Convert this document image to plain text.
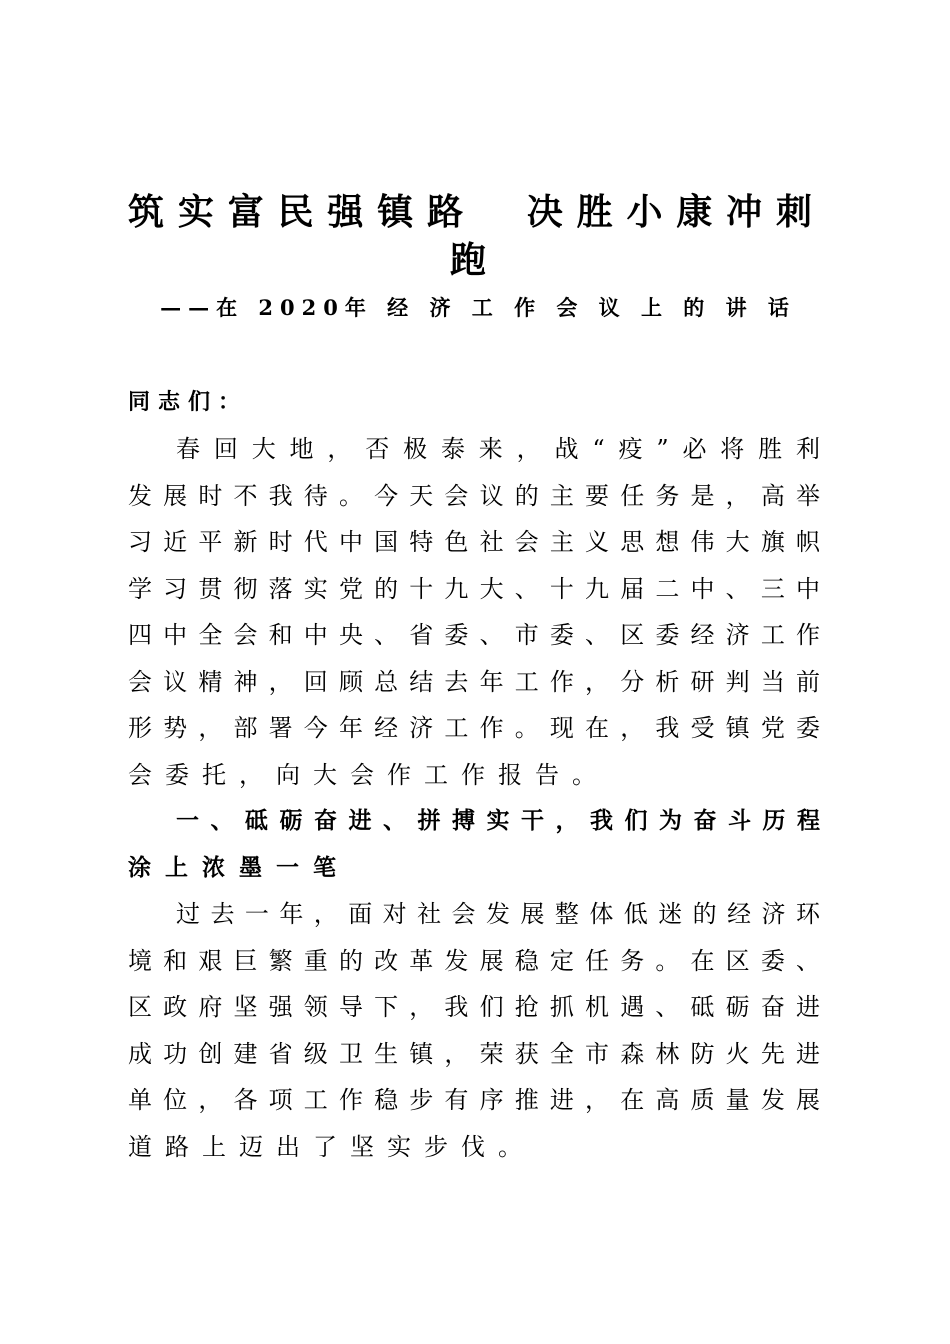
筑实富民强镇路　决胜小康冲刺
跑

——在 2020年 经 济 工 作 会 议 上 的 讲 话

同志们：

春回大地，否极泰来，战“疫”必将胜利
发展时不我待。今天会议的主要任务是，高举
习近平新时代中国特色社会主义思想伟大旗帜
学习贯彻落实党的十九大、十九届二中、三中
四中全会和中央、省委、市委、区委经济工作
会议精神，回顾总结去年工作，分析研判当前
形势，部署今年经济工作。现在，我受镇党委
会委托，向大会作工作报告。

一、砥砺奋进、拼搏实干，我们为奋斗历程
涂上浓墨一笔

过去一年，面对社会发展整体低迷的经济环
境和艰巨繁重的改革发展稳定任务。在区委、
区政府坚强领导下，我们抢抓机遇、砥砺奋进
成功创建省级卫生镇，荣获全市森林防火先进
单位，各项工作稳步有序推进，在高质量发展
道路上迈出了坚实步伐。
